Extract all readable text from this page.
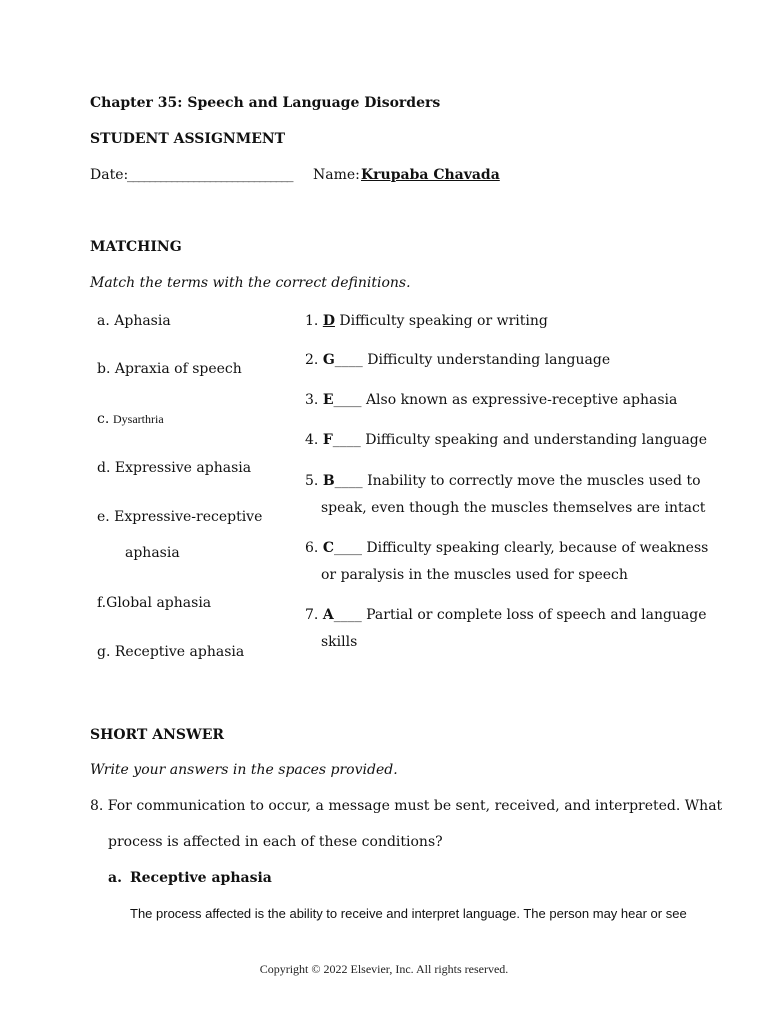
Chapter 35: Speech and Language Disorders
STUDENT ASSIGNMENT
Date:
______________________________ Name: Krupaba Chavada
MATCHING
Match the terms with the correct definitions.
a. Aphasia
b. Apraxia of speech
c. Dysarthria
d. Expressive aphasia
e. Expressive-receptive
aphasia
f.Global aphasia
g. Receptive aphasia
1. D Difficulty speaking or writing
2. G____ Difficulty understanding language
3. E____ Also known as expressive-receptive aphasia
4. F____ Difficulty speaking and understanding language
5. B____ Inability to correctly move the muscles used to
speak, even though the muscles themselves are intact
6. C____ Difficulty speaking clearly, because of weakness
or paralysis in the muscles used for speech
7. A____ Partial or complete loss of speech and language
skills
SHORT ANSWER
Write your answers in the spaces provided.
8. For communication to occur, a message must be sent, received, and interpreted. What
process is affected in each of these conditions?
a. Receptive aphasia
The process affected is the ability to receive and interpret language. The person may hear or see
Copyright © 2022 Elsevier, Inc. All rights reserved.
